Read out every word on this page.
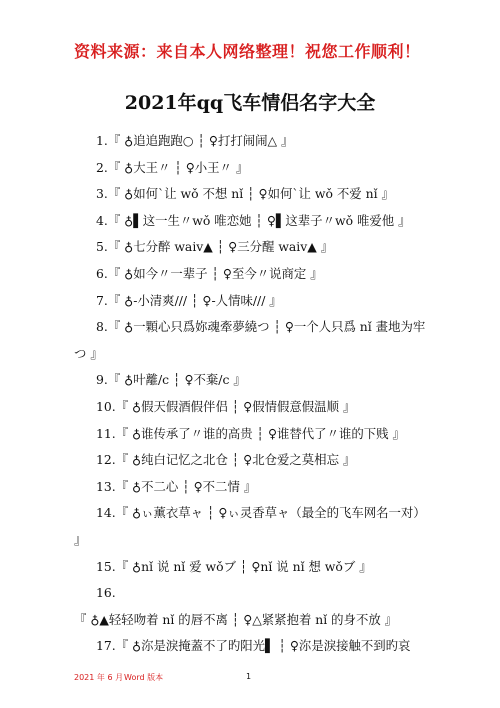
资料来源：来自本人网络整理！祝您工作顺利！
2021年qq飞车情侣名字大全
1.『 ♁追追跑跑○ ┆ ♀打打闹闹△ 』
2.『 ♁大王〃 ┆ ♀小王〃 』
3.『 ♁如何`让 wǒ 不想 nǐ ┆ ♀如何`让 wǒ 不爱 nǐ 』
4.『 ♁▌这一生〃wǒ 唯恋她 ┆ ♀▌这辈子〃wǒ 唯爱他 』
5.『 ♁七分醉 waiv▲ ┆ ♀三分醒 waiv▲ 』
6.『 ♁如今〃一辈子 ┆ ♀至今〃说商定 』
7.『 ♁-小清爽/// ┆ ♀-人情味/// 』
8.『 ♁一顆心只爲妳魂牽夢繞つ ┆ ♀一个人只爲 nǐ 畫地为牢つ 』
9.『 ♁叶離/c ┆ ♀不棄/c 』
10.『 ♁假天假酒假伴侣 ┆ ♀假情假意假温顺 』
11.『 ♁谁传承了〃谁的高贵 ┆ ♀谁替代了〃谁的下贱 』
12.『 ♁纯白记忆之北仓 ┆ ♀北仓爱之莫相忘 』
13.『 ♁不二心 ┆ ♀不二情 』
14.『 ♁ぃ薰衣草ャ ┆ ♀ぃ灵香草ャ（最全的飞车网名一对） 』
15.『 ♁nǐ 说 nǐ 爱 wǒブ ┆ ♀nǐ 说 nǐ 想 wǒブ 』
16.『 ♁▲轻轻吻着 nǐ 的唇不离 ┆ ♀△紧紧抱着 nǐ 的身不放 』
17.『 ♁沵是淚掩蓋不了旳阳光▌ ┆ ♀沵是淚接触不到旳哀
2021 年 6 月 Word 版本	1
